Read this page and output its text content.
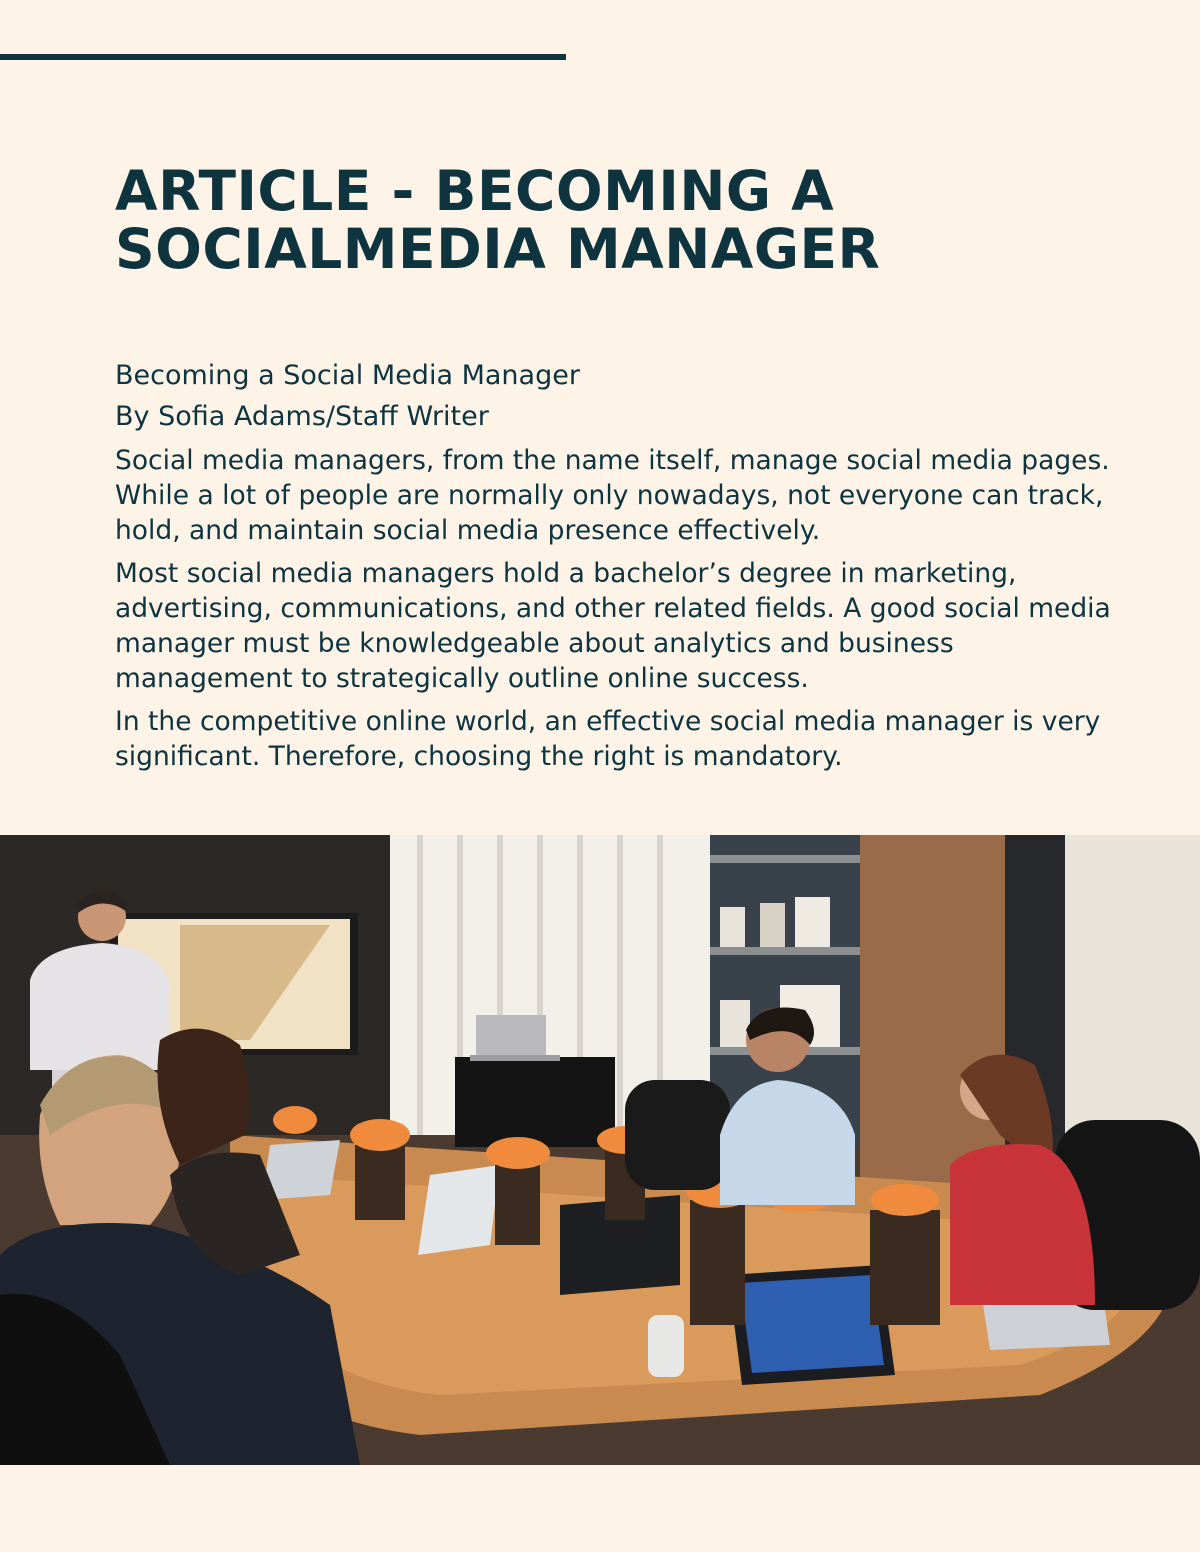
ARTICLE - BECOMING A
SOCIALMEDIA MANAGER
Becoming a Social Media Manager
By Sofia Adams/Staff Writer

Social media managers, from the name itself, manage social media pages. While a lot of people are normally only nowadays, not everyone can track, hold, and maintain social media presence effectively.

Most social media managers hold a bachelor’s degree in marketing, advertising, communications, and other related fields. A good social media manager must be knowledgeable about analytics and business management to strategically outline online success.

In the competitive online world, an effective social media manager is very significant. Therefore, choosing the right is mandatory.
